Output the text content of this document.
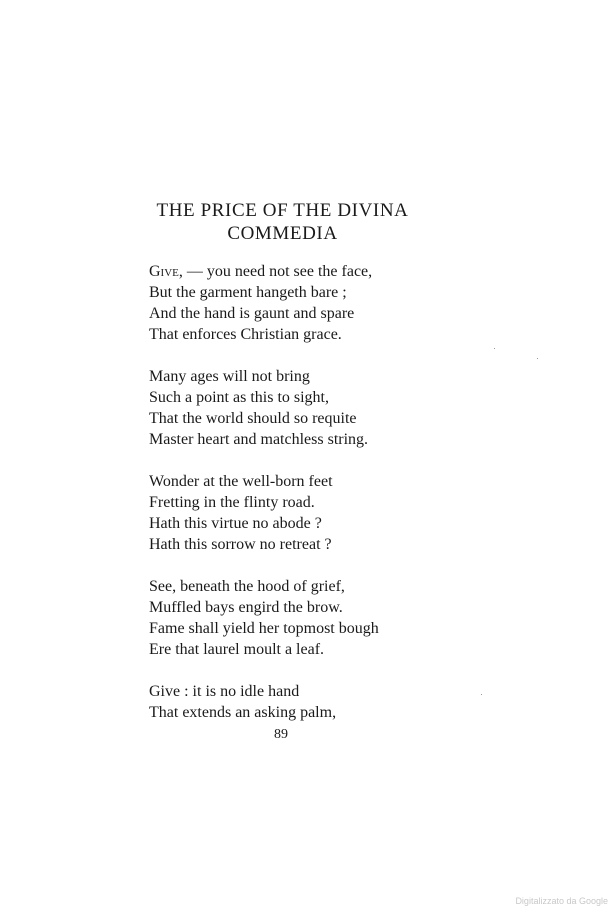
THE PRICE OF THE DIVINA
COMMEDIA
Give, — you need not see the face,
But the garment hangeth bare ;
And the hand is gaunt and spare
That enforces Christian grace.
Many ages will not bring
Such a point as this to sight,
That the world should so requite
Master heart and matchless string.
Wonder at the well-born feet
Fretting in the flinty road.
Hath this virtue no abode ?
Hath this sorrow no retreat ?
See, beneath the hood of grief,
Muffled bays engird the brow.
Fame shall yield her topmost bough
Ere that laurel moult a leaf.
Give : it is no idle hand
That extends an asking palm,
89
Digitalizzato da Google
